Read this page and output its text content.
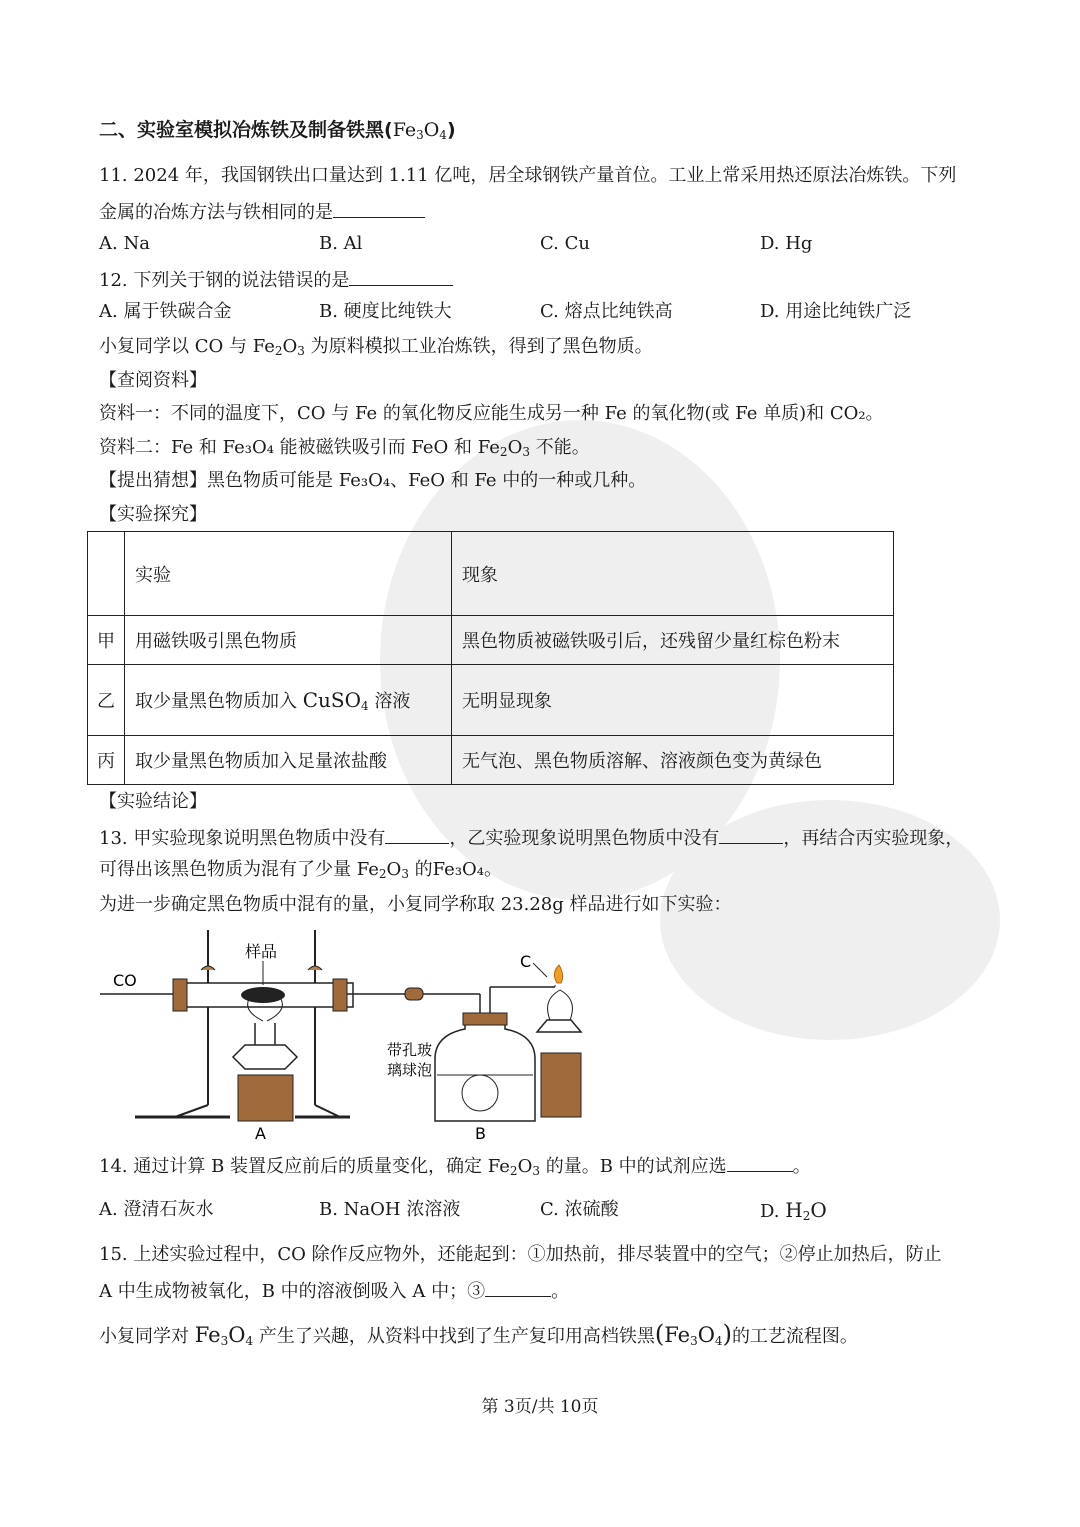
二、实验室模拟冶炼铁及制备铁黑$(Fe_3O_4)$
11. 2024 年，我国钢铁出口量达到 1.11 亿吨，居全球钢铁产量首位。工业上常采用热还原法冶炼铁。下列
金属的冶炼方法与铁相同的是
A. Na	B. Al	C. Cu	D. Hg
12. 下列关于钢的说法错误的是
A. 属于铁碳合金	B. 硬度比纯铁大	C. 熔点比纯铁高	D. 用途比纯铁广泛
小复同学以 CO 与 $Fe_2O_3$ 为原料模拟工业冶炼铁，得到了黑色物质。
【查阅资料】
资料一：不同的温度下，CO 与 Fe 的氧化物反应能生成另一种 Fe 的氧化物(或 Fe 单质)和 CO₂。
资料二：Fe 和 Fe₃O₄ 能被磁铁吸引而 FeO 和 $Fe_2O_3$ 不能。
【提出猜想】黑色物质可能是 Fe₃O₄、FeO 和 Fe 中的一种或几种。
【实验探究】
	实验	现象
甲	用磁铁吸引黑色物质	黑色物质被磁铁吸引后，还残留少量红棕色粉末
乙	取少量黑色物质加入 CuSO$_4$ 溶液	无明显现象
丙	取少量黑色物质加入足量浓盐酸	无气泡、黑色物质溶解、溶液颜色变为黄绿色
【实验结论】
13. 甲实验现象说明黑色物质中没有	，乙实验现象说明黑色物质中没有	，再结合丙实验现象，
可得出该黑色物质为混有了少量 $Fe_2O_3$ 的Fe₃O₄。
为进一步确定黑色物质中混有的量，小复同学称取 23.28g 样品进行如下实验：
CO
样品
A
带孔玻
璃球泡
B
C
14. 通过计算 B 装置反应前后的质量变化，确定 $Fe_2O_3$ 的量。B 中的试剂应选	。
A. 澄清石灰水	B. NaOH 浓溶液	C. 浓硫酸	D. $H_2O$
15. 上述实验过程中，CO 除作反应物外，还能起到：①加热前，排尽装置中的空气；②停止加热后，防止
A 中生成物被氧化，B 中的溶液倒吸入 A 中；③	。
小复同学对 $Fe_3O_4$ 产生了兴趣，从资料中找到了生产复印用高档铁黑$(Fe_3O_4)$的工艺流程图。
第 3页/共 10页
